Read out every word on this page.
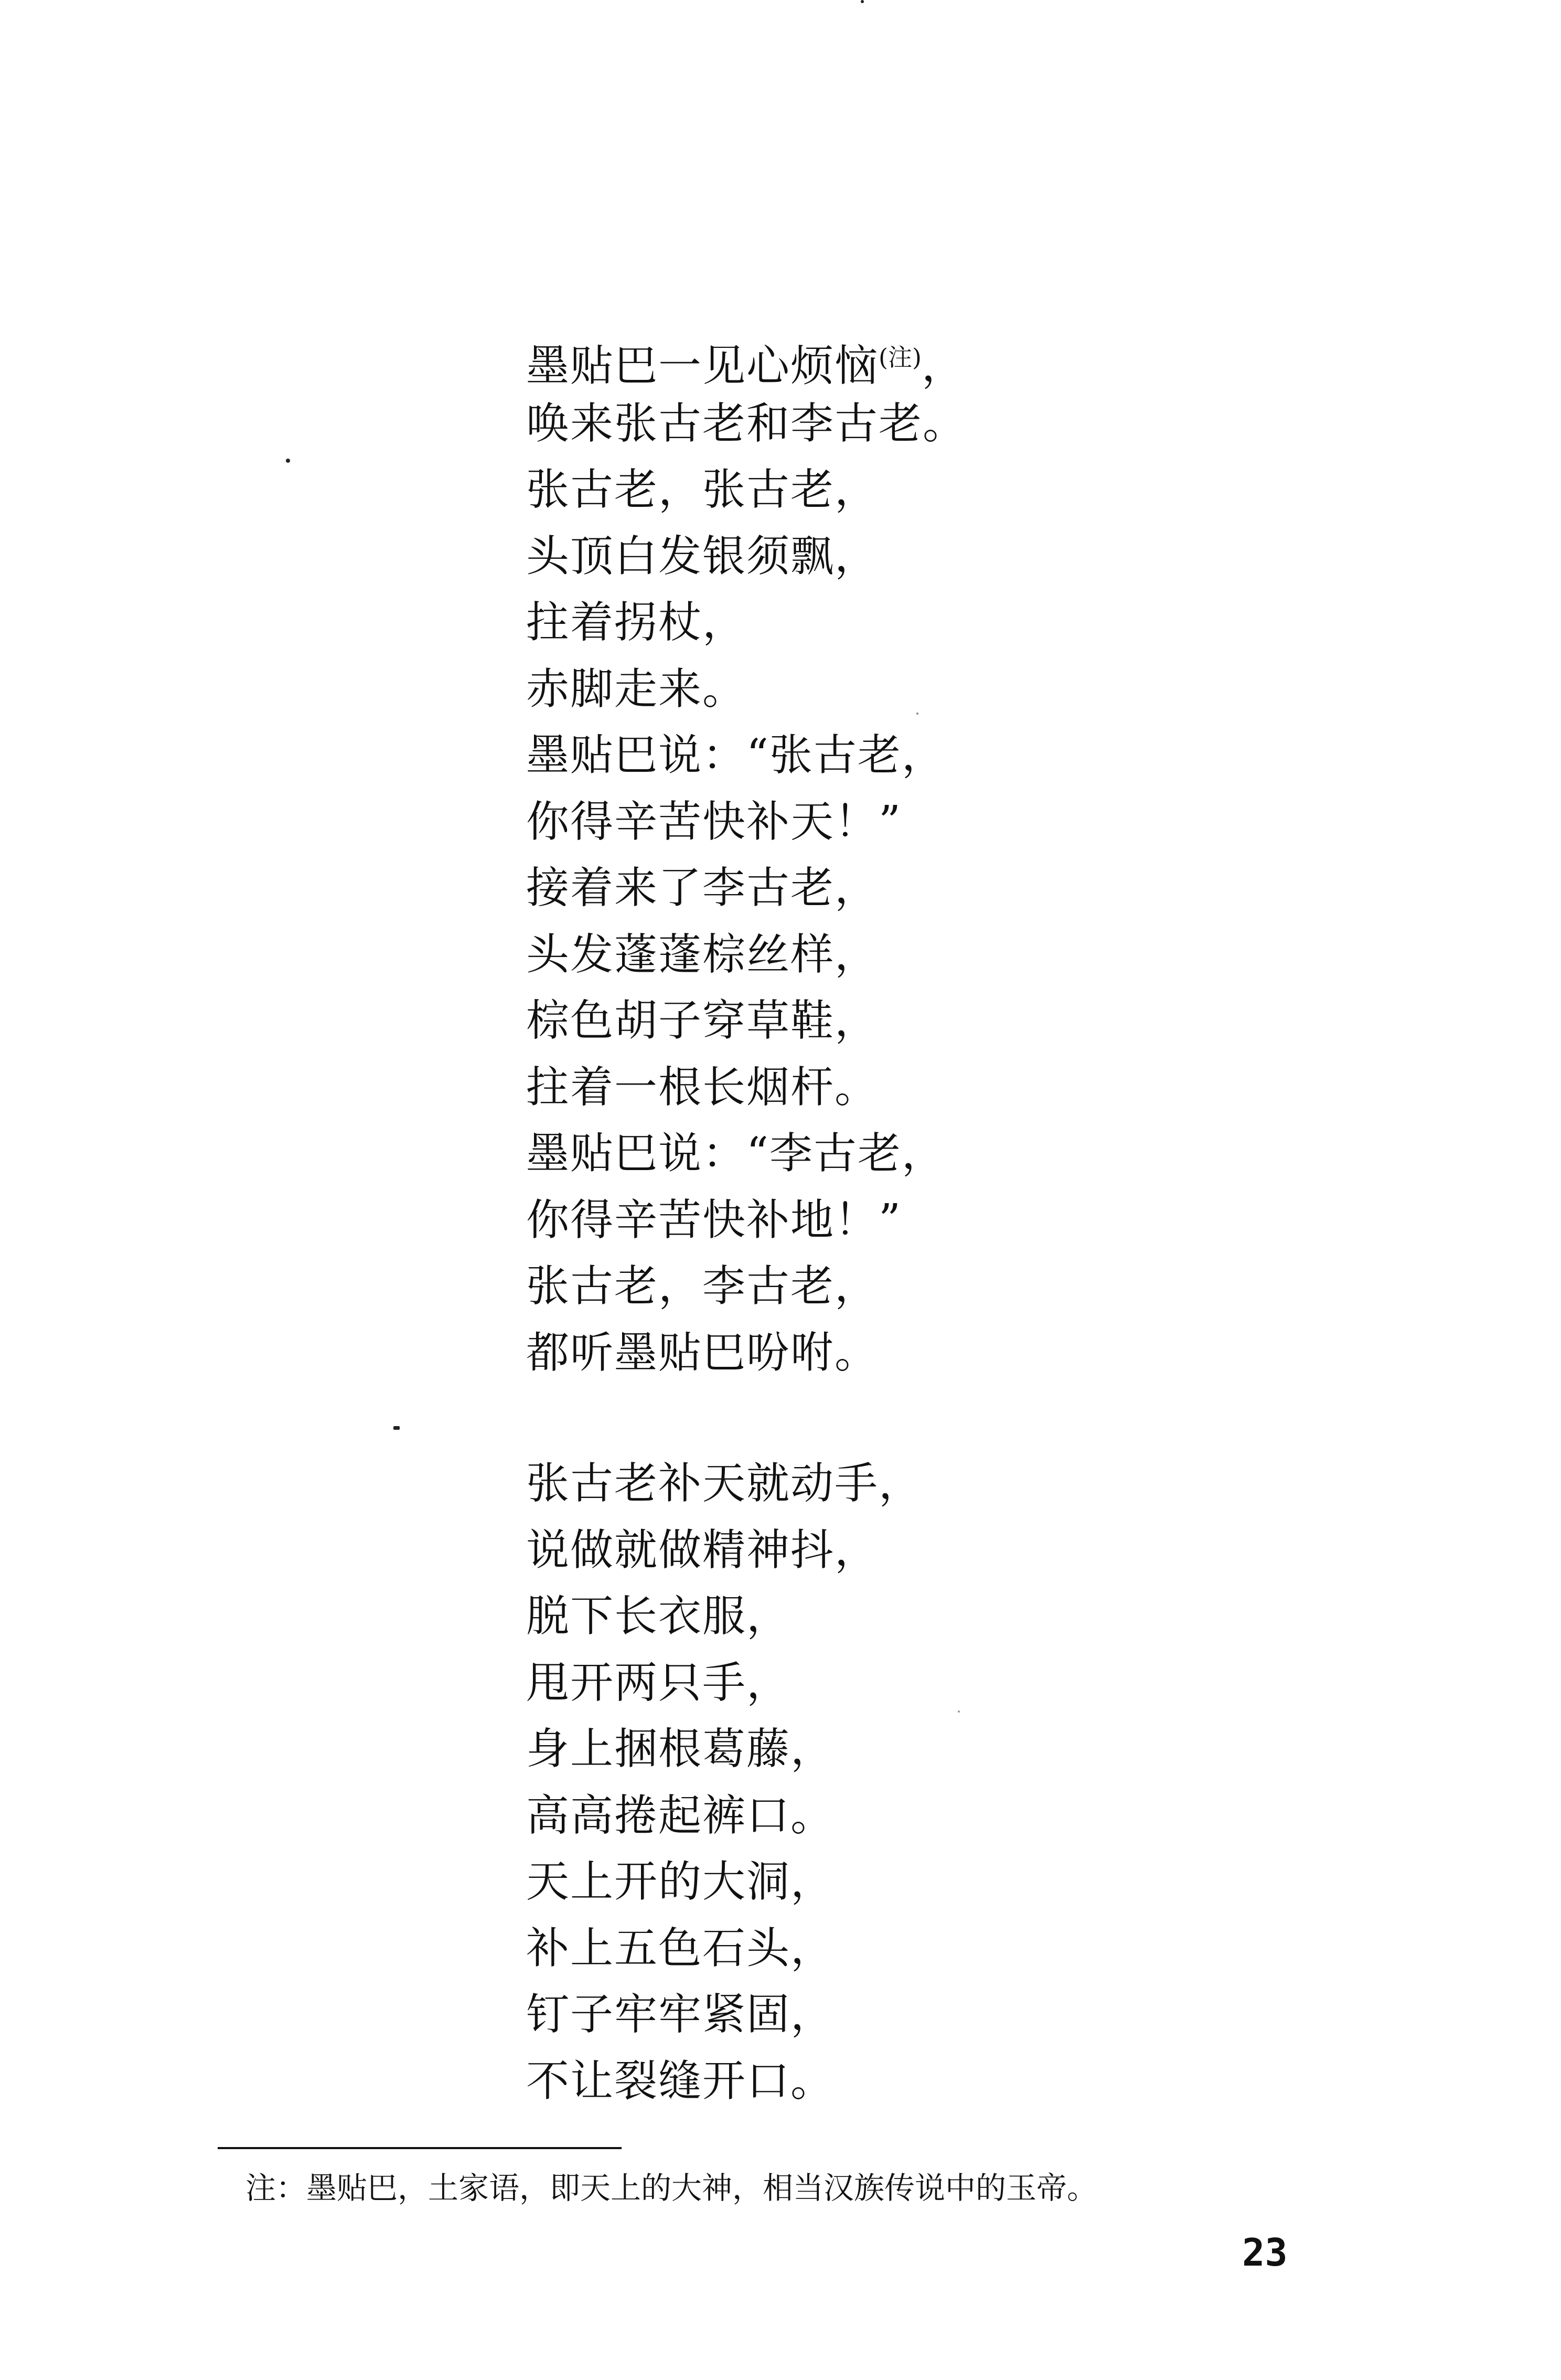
墨贴巴一见心烦恼$^{(注)}$，
唤来张古老和李古老。
张古老，张古老，
头顶白发银须飘，
拄着拐杖，
赤脚走来。
墨贴巴说：“张古老，
你得辛苦快补天！”
接着来了李古老，
头发蓬蓬棕丝样，
棕色胡子穿草鞋，
拄着一根长烟杆。
墨贴巴说：“李古老，
你得辛苦快补地！”
张古老，李古老，
都听墨贴巴吩咐。
张古老补天就动手，
说做就做精神抖，
脱下长衣服，
甩开两只手，
身上捆根葛藤，
高高捲起裤口。
天上开的大洞，
补上五色石头，
钉子牢牢紧固，
不让裂缝开口。
注：墨贴巴，土家语，即天上的大神，相当汉族传说中的玉帝。
23
